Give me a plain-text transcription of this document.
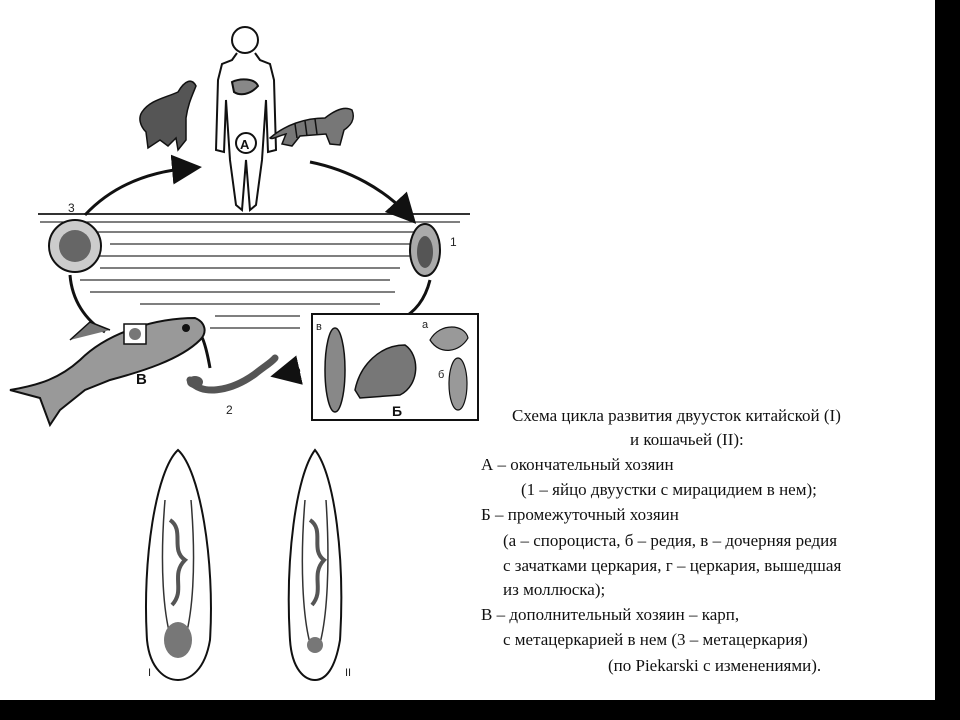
А
1
3
В
2
в	а
б
Б
I	II
Схема цикла развития двуусток китайской (I)
и кошачьей (II):
А – окончательный хозяин
(1 – яйцо двуустки с мирацидием в нем);
Б – промежуточный хозяин
(а – спороциста, б – редия, в – дочерняя редия
с зачатками церкария, г – церкария, вышедшая
из моллюска);
В – дополнительный хозяин – карп,
с метацеркарией в нем (3 – метацеркария)
(по Piekarski с изменениями).
